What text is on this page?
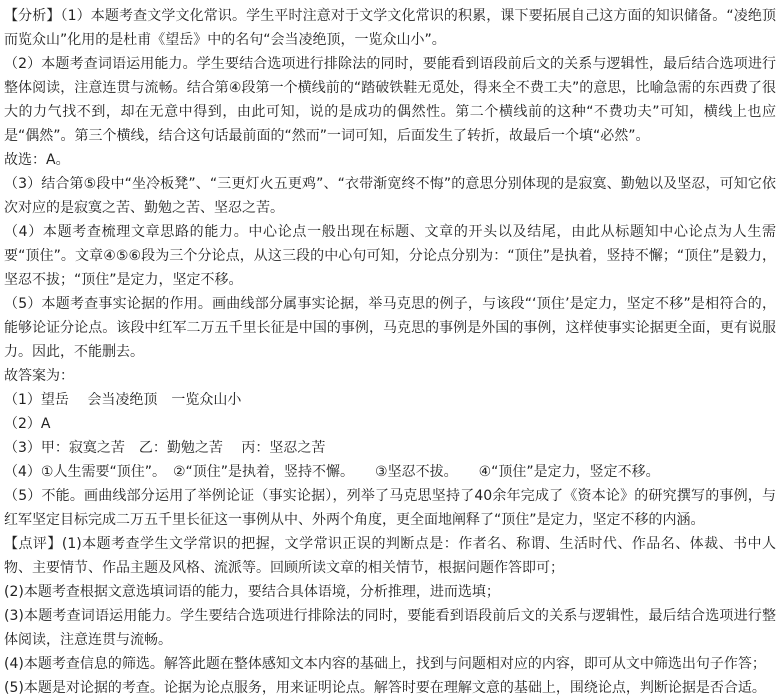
【分析】（1）本题考查文学文化常识。学生平时注意对于文学文化常识的积累，课下要拓展自己这方面的知识储备。“凌绝顶而览众山”化用的是杜甫《望岳》中的名句“会当凌绝顶，一览众山小”。

（2）本题考查词语运用能力。学生要结合选项进行排除法的同时，要能看到语段前后文的关系与逻辑性，最后结合选项进行整体阅读，注意连贯与流畅。结合第④段第一个横线前的“踏破铁鞋无觅处，得来全不费工夫”的意思，比喻急需的东西费了很大的力气找不到，却在无意中得到，由此可知，说的是成功的偶然性。第二个横线前的这种“不费功夫”可知，横线上也应是“偶然”。第三个横线，结合这句话最前面的“然而”一词可知，后面发生了转折，故最后一个填“必然”。

故选：A。

（3）结合第⑤段中“坐冷板凳”、“三更灯火五更鸡”、“衣带渐宽终不悔”的意思分别体现的是寂寞、勤勉以及坚忍，可知它依次对应的是寂寞之苦、勤勉之苦、坚忍之苦。

（4）本题考查梳理文章思路的能力。中心论点一般出现在标题、文章的开头以及结尾，由此从标题知中心论点为人生需要“顶住”。文章④⑤⑥段为三个分论点，从这三段的中心句可知，分论点分别为：“顶住”是执着，竖持不懈；“顶住”是毅力，坚忍不拔；“顶住”是定力，坚定不移。

（5）本题考查事实论据的作用。画曲线部分属事实论据，举马克思的例子，与该段“‘顶住’是定力，坚定不移”是相符合的，能够论证分论点。该段中红军二万五千里长征是中国的事例，马克思的事例是外国的事例，这样使事实论据更全面，更有说服力。因此，不能删去。

故答案为：

（1）望岳　 会当凌绝顶　一览众山小

（2）A

（3）甲：寂寞之苦　乙：勤勉之苦　 丙：坚忍之苦

（4）①人生需要“顶住”。　②“顶住”是执着，竖持不懈。　　③坚忍不拔。　　④“顶住”是定力，竖定不移。

（5）不能。画曲线部分运用了举例论证（事实论据），列举了马克思坚持了40余年完成了《资本论》的研究撰写的事例，与红军坚定目标完成二万五千里长征这一事例从中、外两个角度，更全面地阐释了“顶住”是定力，坚定不移的内涵。

【点评】(1)本题考查学生文学常识的把握，文学常识正误的判断点是：作者名、称谓、生活时代、作品名、体裁、书中人物、主要情节、作品主题及风格、流派等。回顾所读文章的相关情节，根据问题作答即可；

(2)本题考查根据文意选填词语的能力，要结合具体语境，分析推理，进而选填；

(3)本题考查词语运用能力。学生要结合选项进行排除法的同时，要能看到语段前后文的关系与逻辑性，最后结合选项进行整体阅读，注意连贯与流畅。

(4)本题考查信息的筛选。解答此题在整体感知文本内容的基础上，找到与问题相对应的内容，即可从文中筛选出句子作答；

(5)本题是对论据的考查。论据为论点服务，用来证明论点。解答时要在理解文意的基础上，围绕论点，判断论据是否合适。
